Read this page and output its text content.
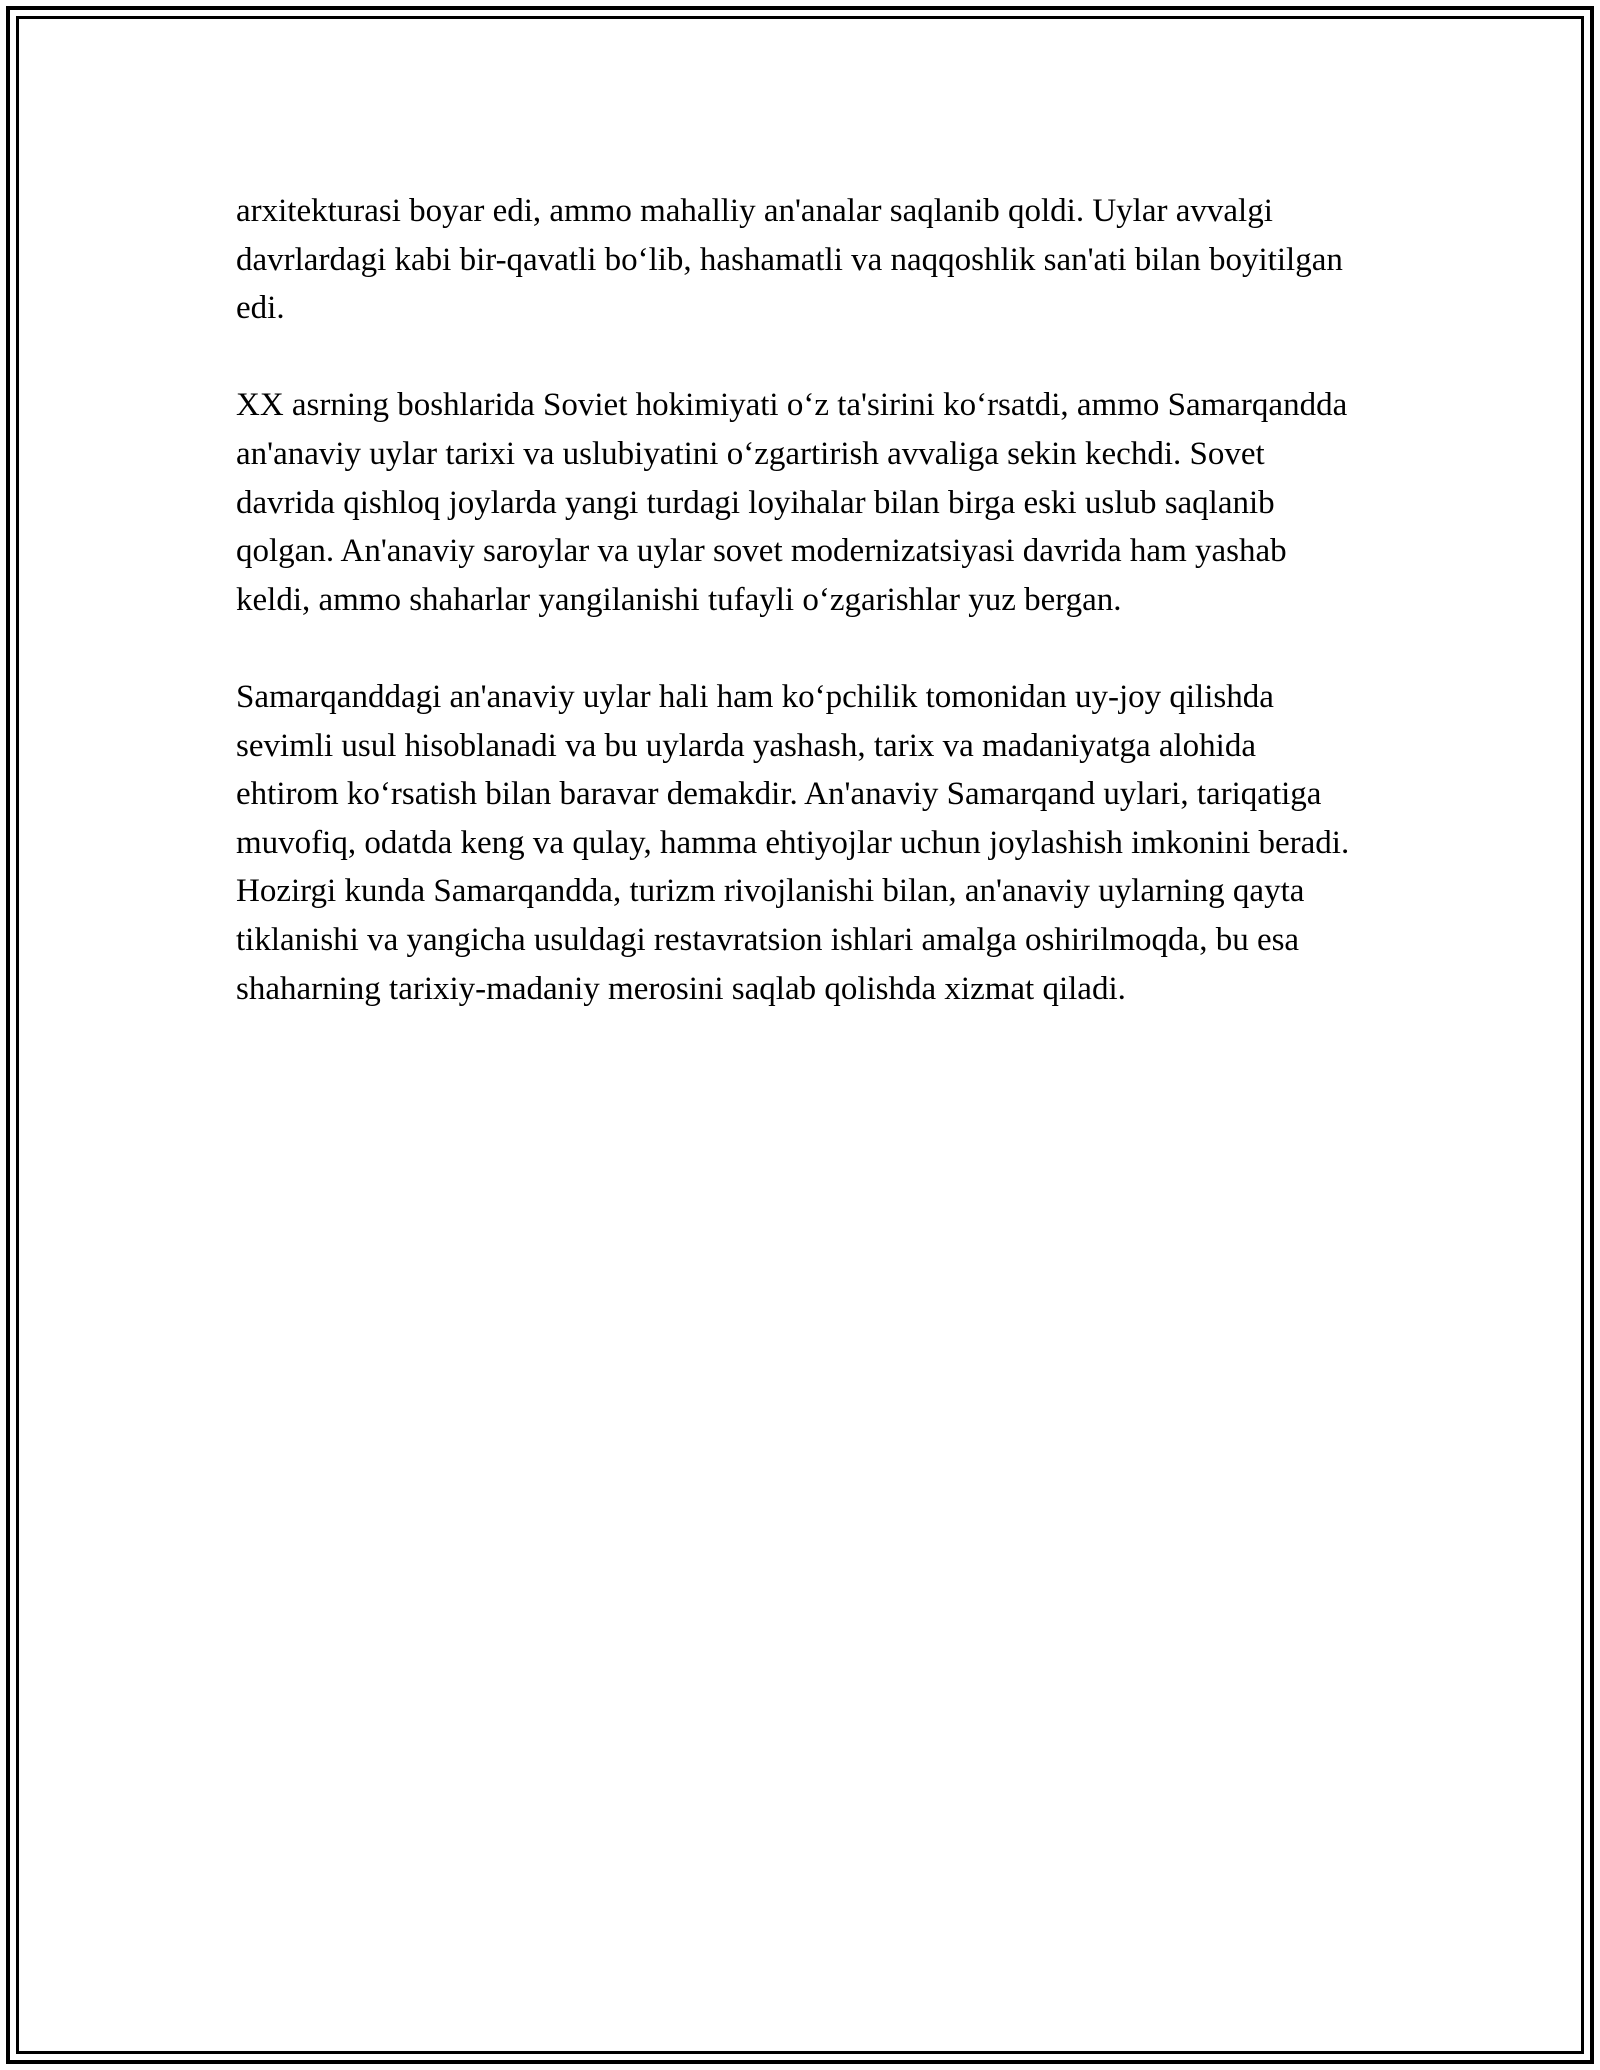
arxitekturasi boyar edi, ammo mahalliy an'analar saqlanib qoldi. Uylar avvalgi davrlardagi kabi bir-qavatli bo‘lib, hashamatli va naqqoshlik san'ati bilan boyitilgan edi.

XX asrning boshlarida Soviet hokimiyati o‘z ta'sirini ko‘rsatdi, ammo Samarqandda an'anaviy uylar tarixi va uslubiyatini o‘zgartirish avvaliga sekin kechdi. Sovet davrida qishloq joylarda yangi turdagi loyihalar bilan birga eski uslub saqlanib qolgan. An'anaviy saroylar va uylar sovet modernizatsiyasi davrida ham yashab keldi, ammo shaharlar yangilanishi tufayli o‘zgarishlar yuz bergan.

Samarqanddagi an'anaviy uylar hali ham ko‘pchilik tomonidan uy-joy qilishda sevimli usul hisoblanadi va bu uylarda yashash, tarix va madaniyatga alohida ehtirom ko‘rsatish bilan baravar demakdir. An'anaviy Samarqand uylari, tariqatiga muvofiq, odatda keng va qulay, hamma ehtiyojlar uchun joylashish imkonini beradi. Hozirgi kunda Samarqandda, turizm rivojlanishi bilan, an'anaviy uylarning qayta tiklanishi va yangicha usuldagi restavratsion ishlari amalga oshirilmoqda, bu esa shaharning tarixiy-madaniy merosini saqlab qolishda xizmat qiladi.
